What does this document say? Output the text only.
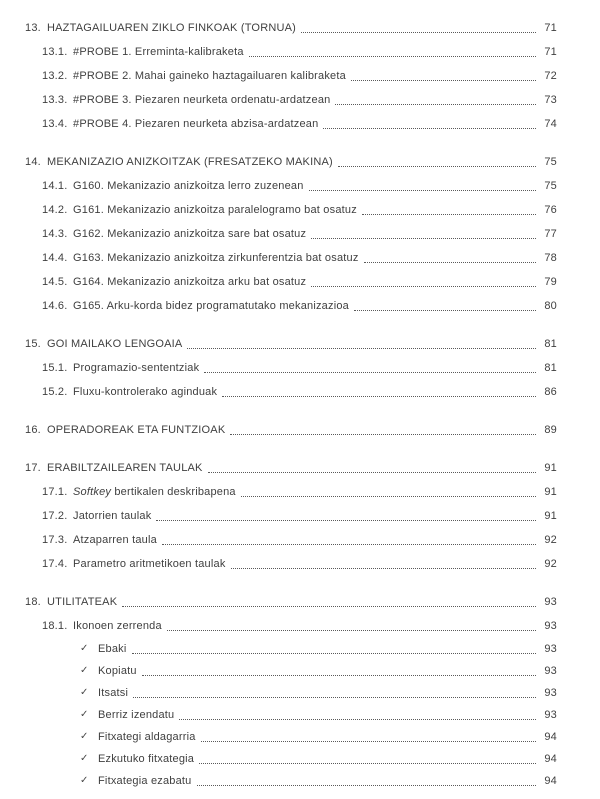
13. HAZTAGAILUAREN ZIKLO FINKOAK (TORNUA)	71
13.1. #PROBE 1. Erreminta-kalibraketa	71
13.2. #PROBE 2. Mahai gaineko haztagailuaren kalibraketa	72
13.3. #PROBE 3. Piezaren neurketa ordenatu-ardatzean	73
13.4. #PROBE 4. Piezaren neurketa abzisa-ardatzean	74
14. MEKANIZAZIO ANIZKOITZAK (FRESATZEKO MAKINA)	75
14.1. G160. Mekanizazio anizkoitza lerro zuzenean	75
14.2. G161. Mekanizazio anizkoitza paralelogramo bat osatuz	76
14.3. G162. Mekanizazio anizkoitza sare bat osatuz	77
14.4. G163. Mekanizazio anizkoitza zirkunferentzia bat osatuz	78
14.5. G164. Mekanizazio anizkoitza arku bat osatuz	79
14.6. G165. Arku-korda bidez programatutako mekanizazioa	80
15. GOI MAILAKO LENGOAIA	81
15.1. Programazio-sententziak	81
15.2. Fluxu-kontrolerako aginduak	86
16. OPERADOREAK ETA FUNTZIOAK	89
17. ERABILTZAILEAREN TAULAK	91
17.1. Softkey bertikalen deskribapena	91
17.2. Jatorrien taulak	91
17.3. Atzaparren taula	92
17.4. Parametro aritmetikoen taulak	92
18. UTILITATEAK	93
18.1. Ikonoen zerrenda	93
✓ Ebaki	93
✓ Kopiatu	93
✓ Itsatsi	93
✓ Berriz izendatu	93
✓ Fitxategi aldagarria	94
✓ Ezkutuko fitxategia	94
✓ Fitxategia ezabatu	94
